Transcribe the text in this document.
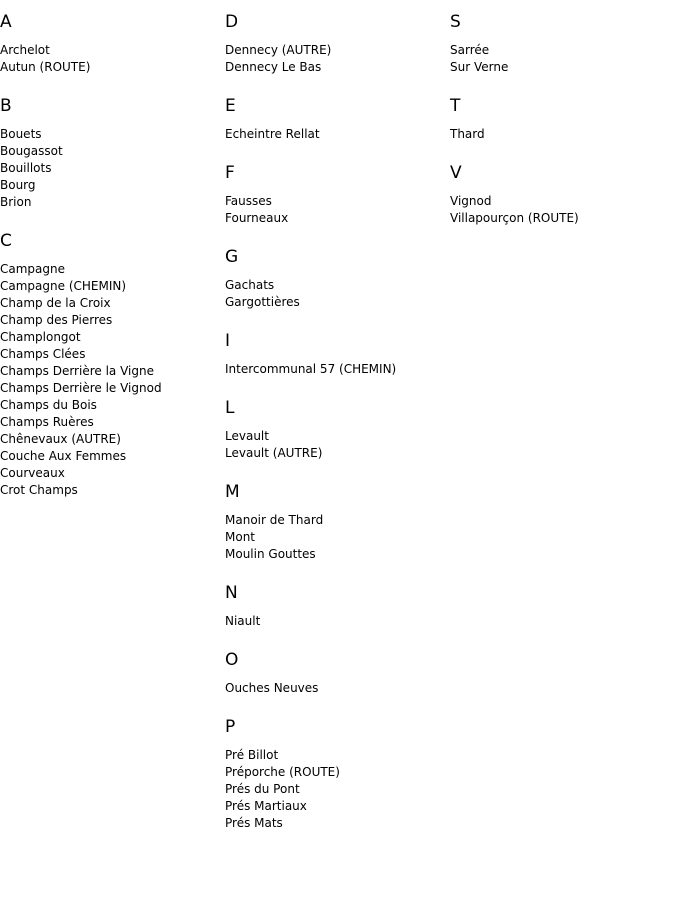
A
Archelot
Autun (ROUTE)
B
Bouets
Bougassot
Bouillots
Bourg
Brion
C
Campagne
Campagne (CHEMIN)
Champ de la Croix
Champ des Pierres
Champlongot
Champs Clées
Champs Derrière la Vigne
Champs Derrière le Vignod
Champs du Bois
Champs Ruères
Chênevaux (AUTRE)
Couche Aux Femmes
Courveaux
Crot Champs
D
Dennecy (AUTRE)
Dennecy Le Bas
E
Echeintre Rellat
F
Fausses
Fourneaux
G
Gachats
Gargottières
I
Intercommunal 57 (CHEMIN)
L
Levault
Levault (AUTRE)
M
Manoir de Thard
Mont
Moulin Gouttes
N
Niault
O
Ouches Neuves
P
Pré Billot
Préporche (ROUTE)
Prés du Pont
Prés Martiaux
Prés Mats
S
Sarrée
Sur Verne
T
Thard
V
Vignod
Villapourçon (ROUTE)
